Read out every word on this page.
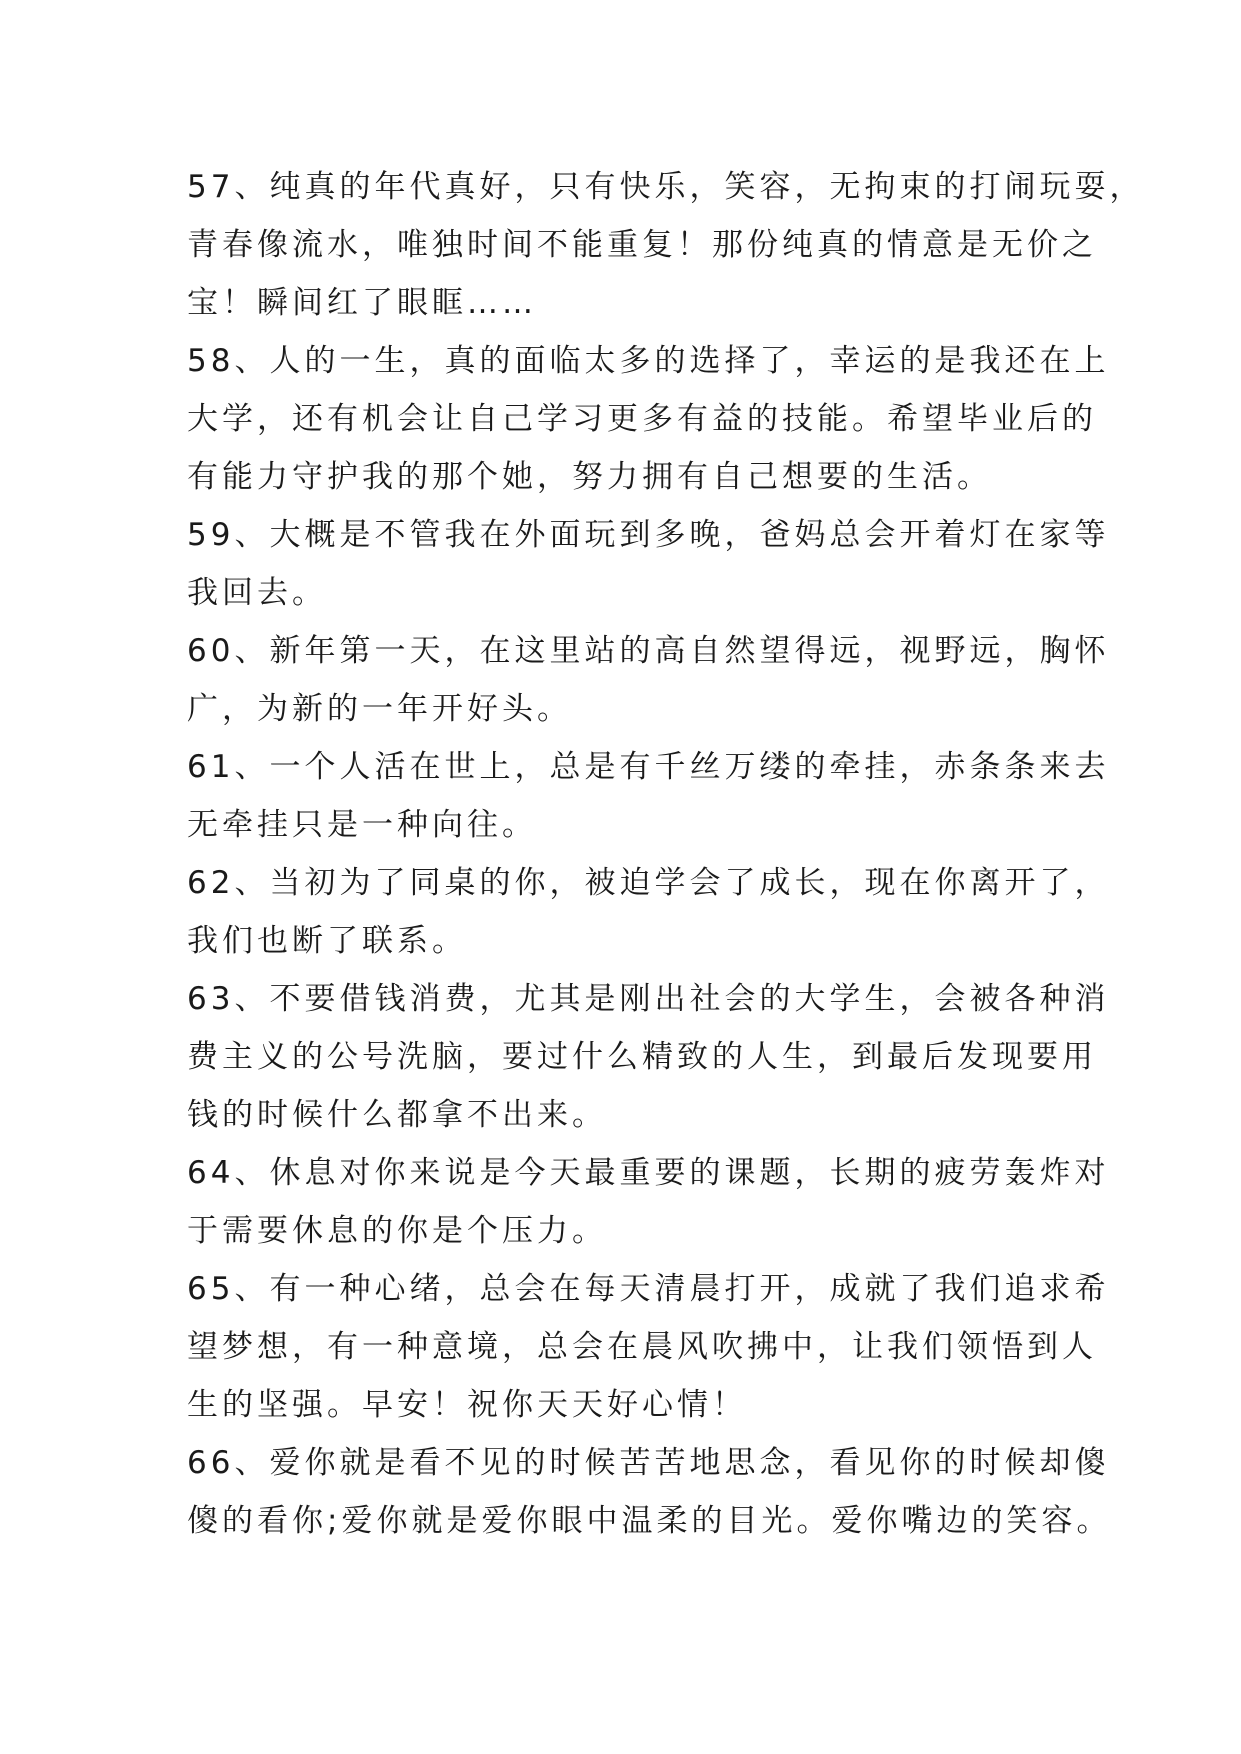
57、纯真的年代真好，只有快乐，笑容，无拘束的打闹玩耍，
青春像流水，唯独时间不能重复！那份纯真的情意是无价之
宝！瞬间红了眼眶……
58、人的一生，真的面临太多的选择了，幸运的是我还在上
大学，还有机会让自己学习更多有益的技能。希望毕业后的
有能力守护我的那个她，努力拥有自己想要的生活。
59、大概是不管我在外面玩到多晚，爸妈总会开着灯在家等
我回去。
60、新年第一天，在这里站的高自然望得远，视野远，胸怀
广，为新的一年开好头。
61、一个人活在世上，总是有千丝万缕的牵挂，赤条条来去
无牵挂只是一种向往。
62、当初为了同桌的你，被迫学会了成长，现在你离开了，
我们也断了联系。
63、不要借钱消费，尤其是刚出社会的大学生，会被各种消
费主义的公号洗脑，要过什么精致的人生，到最后发现要用
钱的时候什么都拿不出来。
64、休息对你来说是今天最重要的课题，长期的疲劳轰炸对
于需要休息的你是个压力。
65、有一种心绪，总会在每天清晨打开，成就了我们追求希
望梦想，有一种意境，总会在晨风吹拂中，让我们领悟到人
生的坚强。早安！祝你天天好心情！
66、爱你就是看不见的时候苦苦地思念，看见你的时候却傻
傻的看你;爱你就是爱你眼中温柔的目光。爱你嘴边的笑容。
